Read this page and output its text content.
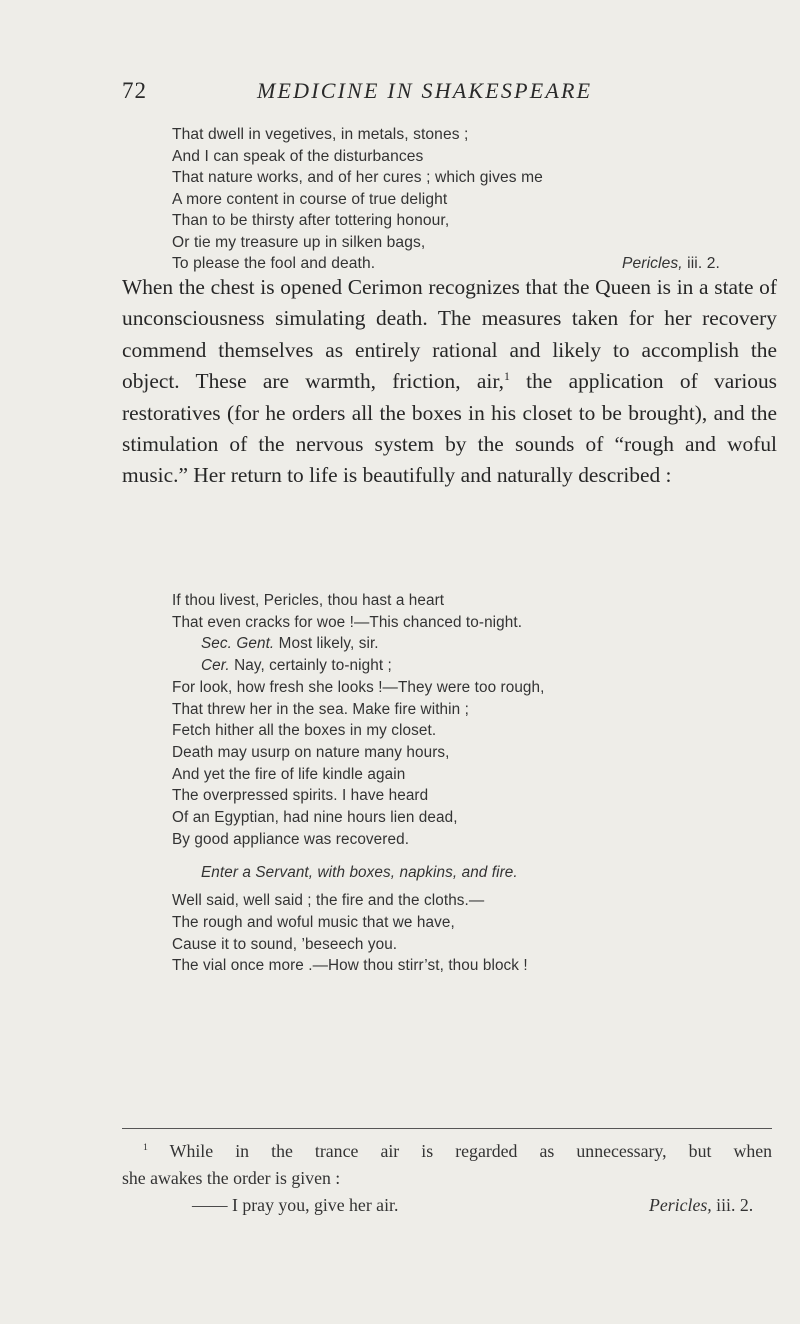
72	MEDICINE IN SHAKESPEARE
That dwell in vegetives, in metals, stones ;
And I can speak of the disturbances
That nature works, and of her cures ; which gives me
A more content in course of true delight
Than to be thirsty after tottering honour,
Or tie my treasure up in silken bags,
To please the fool and death.	Pericles, iii. 2.
When the chest is opened Cerimon recognizes that the Queen is in a state of unconsciousness simulating death. The measures taken for her recovery commend themselves as entirely rational and likely to accomplish the object. These are warmth, friction, air,$^1$ the application of various restoratives (for he orders all the boxes in his closet to be brought), and the stimulation of the nervous system by the sounds of “rough and woful music.” Her return to life is beautifully and naturally described :
If thou livest, Pericles, thou hast a heart
That even cracks for woe !—This chanced to-night.
Sec. Gent. Most likely, sir.
Cer. Nay, certainly to-night ;
For look, how fresh she looks !—They were too rough,
That threw her in the sea. Make fire within ;
Fetch hither all the boxes in my closet.
Death may usurp on nature many hours,
And yet the fire of life kindle again
The overpressed spirits. I have heard
Of an Egyptian, had nine hours lien dead,
By good appliance was recovered.
Enter a Servant, with boxes, napkins, and fire.
Well said, well said ; the fire and the cloths.—
The rough and woful music that we have,
Cause it to sound, ’beseech you.
The vial once more .—How thou stirr’st, thou block !
$^1$ While in the trance air is regarded as unnecessary, but when
she awakes the order is given :
—— I pray you, give her air.	Pericles, iii. 2.
